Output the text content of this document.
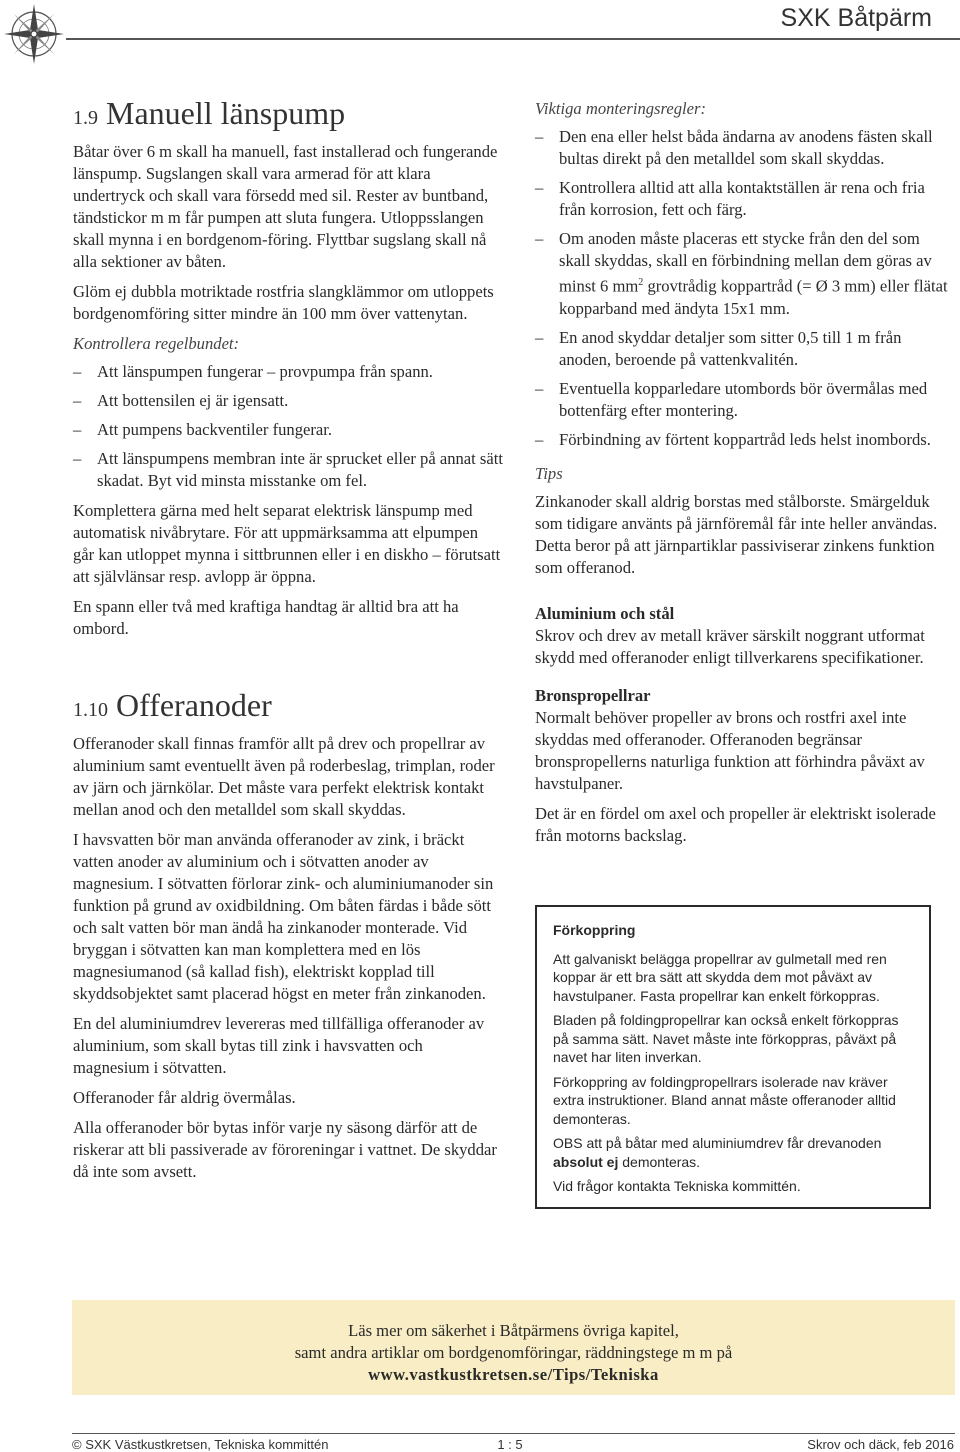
SXK Båtpärm
1.9 Manuell länspump

Båtar över 6 m skall ha manuell, fast installerad och fungerande länspump. Sugslangen skall vara armerad för att klara undertryck och skall vara försedd med sil. Rester av buntband, tändstickor m m får pumpen att sluta fungera. Utloppsslangen skall mynna i en bordgenom-föring. Flyttbar sugslang skall nå alla sektioner av båten.

Glöm ej dubbla motriktade rostfria slangklämmor om utloppets bordgenomföring sitter mindre än 100 mm över vattenytan.

Kontrollera regelbundet:
– Att länspumpen fungerar – provpumpa från spann.
– Att bottensilen ej är igensatt.
– Att pumpens backventiler fungerar.
– Att länspumpens membran inte är sprucket eller på annat sätt skadat. Byt vid minsta misstanke om fel.

Komplettera gärna med helt separat elektrisk länspump med automatisk nivåbrytare. För att uppmärksamma att elpumpen går kan utloppet mynna i sittbrunnen eller i en diskho – förutsatt att självlänsar resp. avlopp är öppna.

En spann eller två med kraftiga handtag är alltid bra att ha ombord.

1.10 Offeranoder

Offeranoder skall finnas framför allt på drev och propellrar av aluminium samt eventuellt även på roderbeslag, trimplan, roder av järn och järnkölar. Det måste vara perfekt elektrisk kontakt mellan anod och den metalldel som skall skyddas.

I havsvatten bör man använda offeranoder av zink, i bräckt vatten anoder av aluminium och i sötvatten anoder av magnesium. I sötvatten förlorar zink- och aluminiumanoder sin funktion på grund av oxidbildning. Om båten färdas i både sött och salt vatten bör man ändå ha zinkanoder monterade. Vid bryggan i sötvatten kan man komplettera med en lös magnesiumanod (så kallad fish), elektriskt kopplad till skyddsobjektet samt placerad högst en meter från zinkanoden.

En del aluminiumdrev levereras med tillfälliga offeranoder av aluminium, som skall bytas till zink i havsvatten och magnesium i sötvatten.

Offeranoder får aldrig övermålas.

Alla offeranoder bör bytas inför varje ny säsong därför att de riskerar att bli passiverade av föroreningar i vattnet. De skyddar då inte som avsett.

Viktiga monteringsregler:
– Den ena eller helst båda ändarna av anodens fästen skall bultas direkt på den metalldel som skall skyddas.
– Kontrollera alltid att alla kontaktställen är rena och fria från korrosion, fett och färg.
– Om anoden måste placeras ett stycke från den del som skall skyddas, skall en förbindning mellan dem göras av minst 6 $mm^2$ grovtrådig koppartråd (= Ø 3 mm) eller flätat kopparband med ändyta 15x1 mm.
– En anod skyddar detaljer som sitter 0,5 till 1 m från anoden, beroende på vattenkvalitén.
– Eventuella kopparledare utombords bör övermålas med bottenfärg efter montering.
– Förbindning av förtent koppartråd leds helst inombords.
Tips

Zinkanoder skall aldrig borstas med stålborste. Smärgelduk som tidigare använts på järnföremål får inte heller användas. Detta beror på att järnpartiklar passiviserar zinkens funktion som offeranod.

Aluminium och stål

Skrov och drev av metall kräver särskilt noggrant utformat skydd med offeranoder enligt tillverkarens specifikationer.

Bronspropellrar

Normalt behöver propeller av brons och rostfri axel inte skyddas med offeranoder. Offeranoden begränsar bronspropellerns naturliga funktion att förhindra påväxt av havstulpaner.

Det är en fördel om axel och propeller är elektriskt isolerade från motorns backslag.

Förkoppring

Att galvaniskt belägga propellrar av gulmetall med ren koppar är ett bra sätt att skydda dem mot påväxt av havstulpaner. Fasta propellrar kan enkelt förkoppras.

Bladen på foldingpropellrar kan också enkelt förkoppras på samma sätt. Navet måste inte förkoppras, påväxt på navet har liten inverkan.

Förkoppring av foldingpropellrars isolerade nav kräver extra instruktioner. Bland annat måste offeranoder alltid demonteras.

OBS att på båtar med aluminiumdrev får drevanoden absolut ej demonteras.

Vid frågor kontakta Tekniska kommittén.

Läs mer om säkerhet i Båtpärmens övriga kapitel,
samt andra artiklar om bordgenomföringar, räddningstege m m på
www.vastkustkretsen.se/Tips/Tekniska
© SXK Västkustkretsen, Tekniska kommittén	1 : 5	Skrov och däck, feb 2016
